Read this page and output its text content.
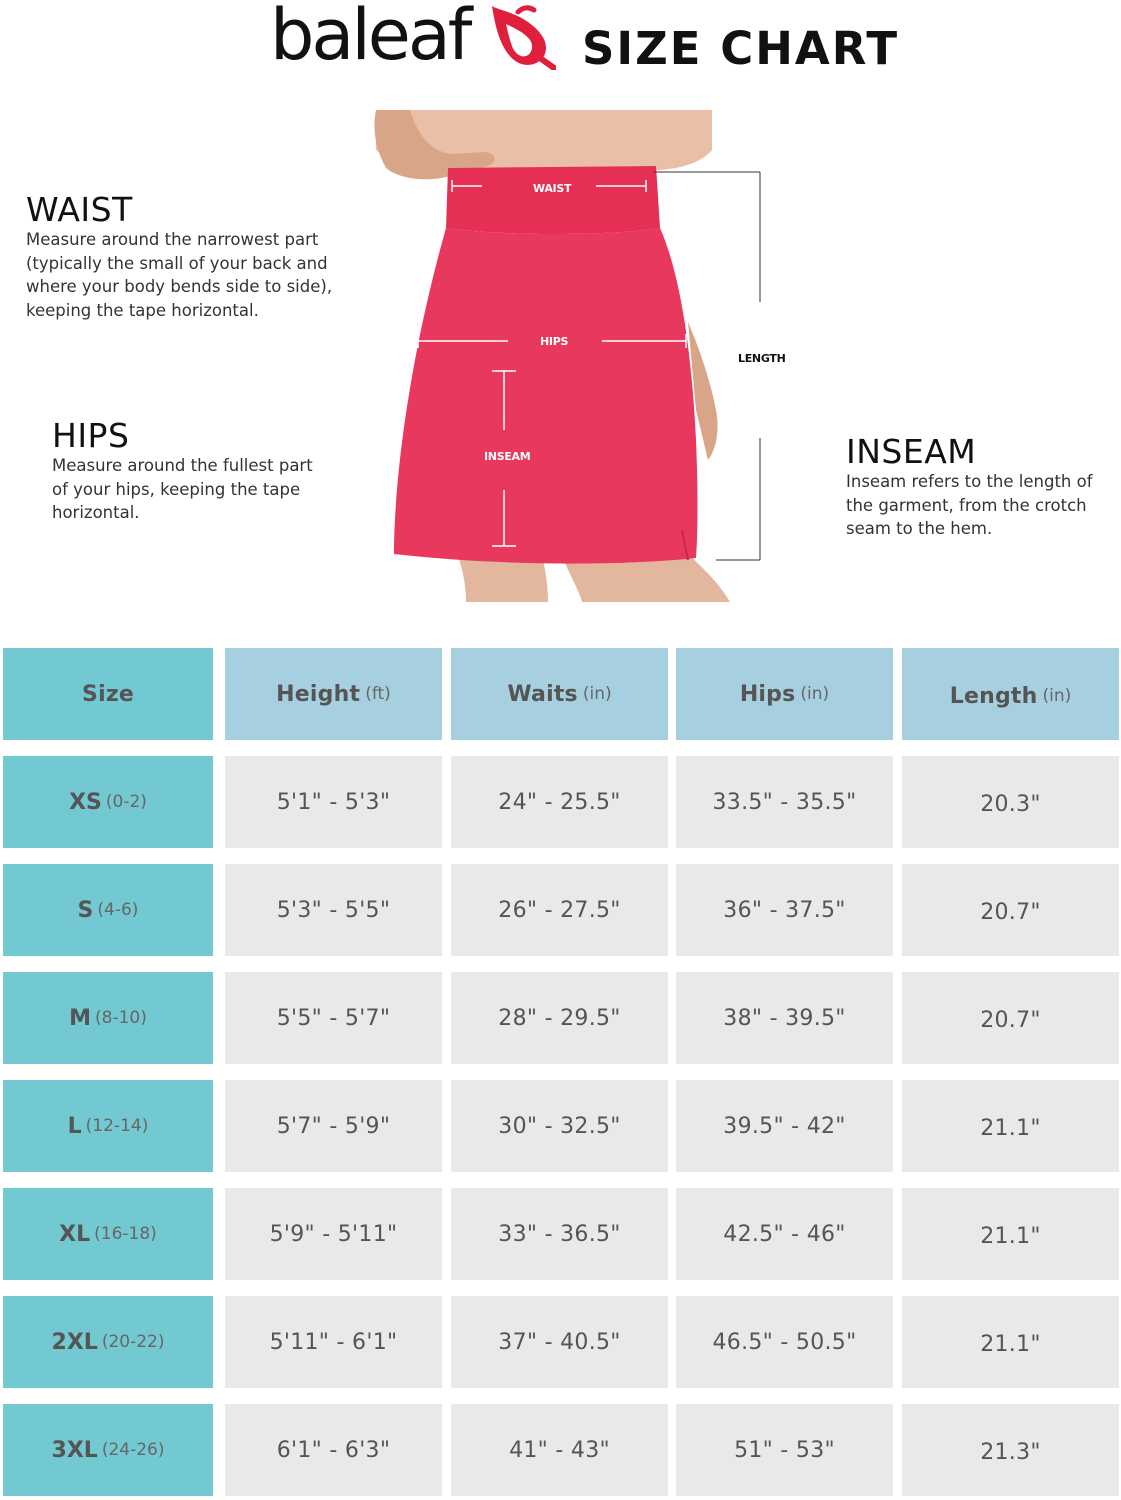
baleaf	SIZE CHART
WAIST

Measure around the narrowest part (typically the small of your back and where your body bends side to side), keeping the tape horizontal.

HIPS

Measure around the fullest part of your hips, keeping the tape horizontal.

INSEAM

Inseam refers to the length of the garment, from the crotch seam to the hem.

WAIST
HIPS
INSEAM
LENGTH
Size	Height (ft)	Waits (in)	Hips (in)	Length (in)
XS (0-2)	5'1" - 5'3"	24" - 25.5"	33.5" - 35.5"	20.3"
S (4-6)	5'3" - 5'5"	26" - 27.5"	36" - 37.5"	20.7"
M (8-10)	5'5" - 5'7"	28" - 29.5"	38" - 39.5"	20.7"
L (12-14)	5'7" - 5'9"	30" - 32.5"	39.5" - 42"	21.1"
XL (16-18)	5'9" - 5'11"	33" - 36.5"	42.5" - 46"	21.1"
2XL (20-22)	5'11" - 6'1"	37" - 40.5"	46.5" - 50.5"	21.1"
3XL (24-26)	6'1" - 6'3"	41" - 43"	51" - 53"	21.3"
